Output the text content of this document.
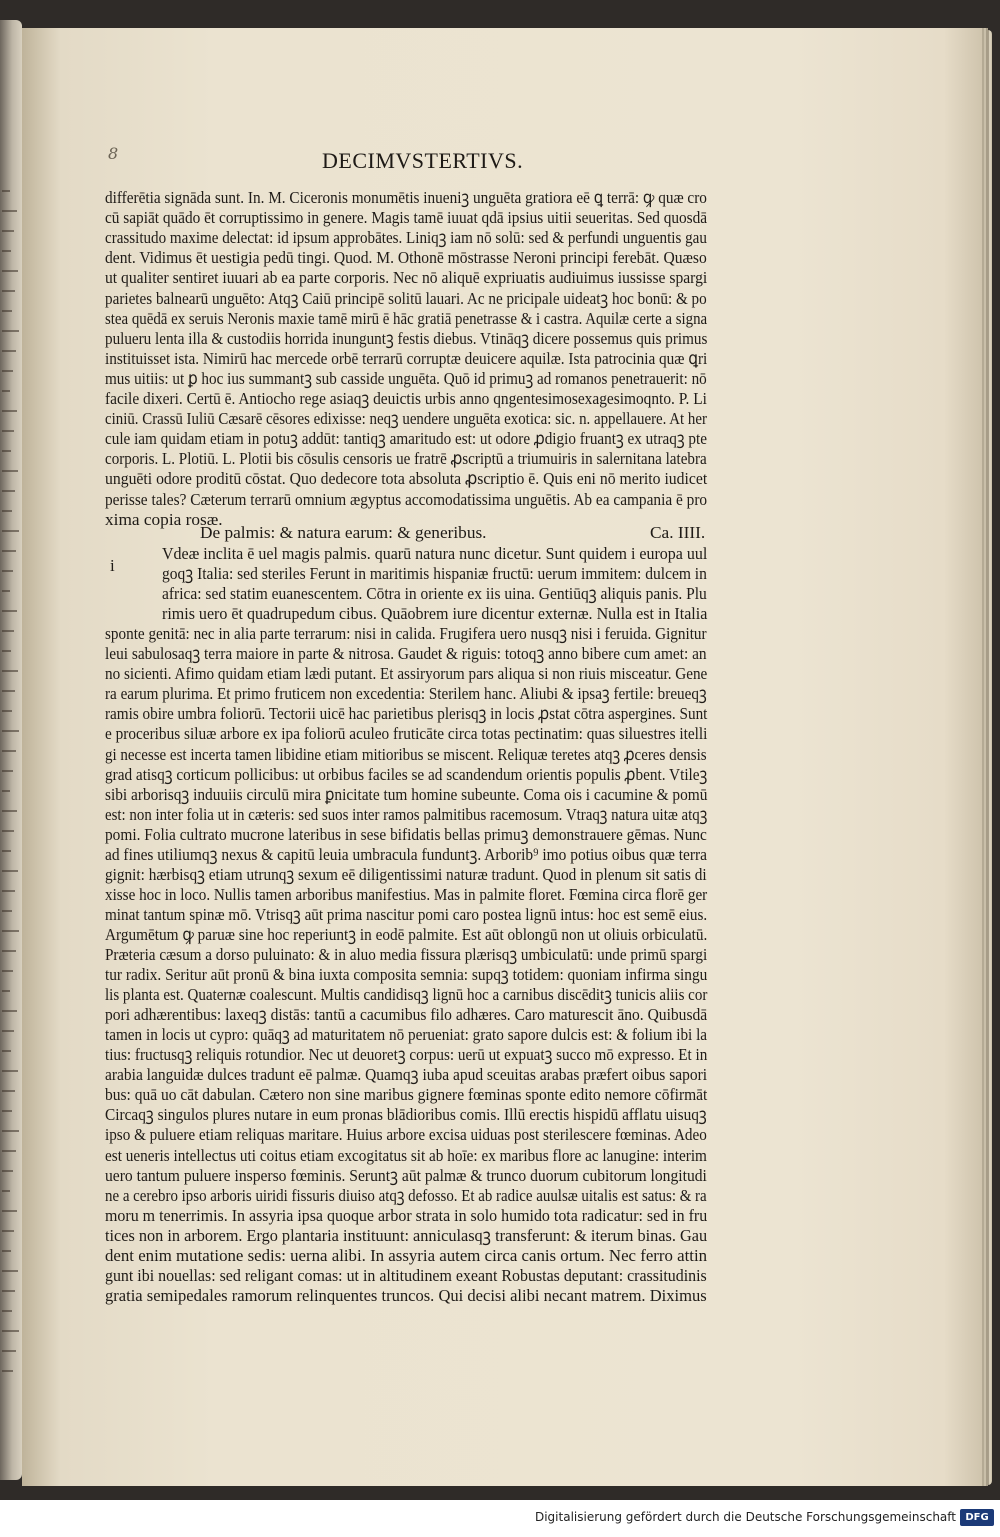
8	DECIMVSTERTIVS.
differētia signāda sunt. In. M. Ciceronis monumētis inueniꝫ unguēta gratiora eē ꝗ terrā: ꝙ quæ cro
cū sapiāt quādo ēt corruptissimo in genere. Magis tamē iuuat qdā ipsius uitii seueritas. Sed quosdā
crassitudo maxime delectat: id ipsum approbātes. Liniqꝫ iam nō solū: sed & perfundi unguentis gau
dent. Vidimus ēt uestigia pedū tingi. Quod. M. Othonē mōstrasse Neroni principi ferebāt. Quæso
ut qualiter sentiret iuuari ab ea parte corporis. Nec nō aliquē expriuatis audiuimus iussisse spargi
parietes balnearū unguēto: Atqꝫ Caiū principē solitū lauari. Ac ne pricipale uideatꝫ hoc bonū: & po
stea quēdā ex seruis Neronis maxie tamē mirū ē hāc gratiā penetrasse & i castra. Aquilæ certe a signa
pulueru lenta illa & custodiis horrida inunguntꝫ festis diebus. Vtināqꝫ dicere possemus quis primus
instituisset ista. Nimirū hac mercede orbē terrarū corruptæ deuicere aquilæ. Ista patrocinia quæ ꝗri
mus uitiis: ut ꝑ hoc ius summantꝫ sub casside unguēta. Quō id primuꝫ ad romanos penetrauerit: nō
facile dixeri. Certū ē. Antiocho rege asiaqꝫ deuictis urbis anno qngentesimosexagesimoqnto. P. Li
ciniū. Crassū Iuliū Cæsarē cēsores edixisse: neqꝫ uendere unguēta exotica: sic. n. appellauere. At her
cule iam quidam etiam in potuꝫ addūt: tantiqꝫ amaritudo est: ut odore ꝓdigio fruantꝫ ex utraqꝫ pte
corporis. L. Plotiū. L. Plotii bis cōsulis censoris ue fratrē ꝓscriptū a triumuiris in salernitana latebra
unguēti odore proditū cōstat. Quo dedecore tota absoluta ꝓscriptio ē. Quis eni nō merito iudicet
perisse tales? Cæterum terrarū omnium ægyptus accomodatissima unguētis. Ab ea campania ē pro
xima copia rosæ.
Vdeæ inclita ē uel magis palmis. quarū natura nunc dicetur. Sunt quidem i europa uul
goqꝫ Italia: sed steriles Ferunt in maritimis hispaniæ fructū: uerum immitem: dulcem in
africa: sed statim euanescentem. Cōtra in oriente ex iis uina. Gentiūqꝫ aliquis panis. Plu
rimis uero ēt quadrupedum cibus. Quāobrem iure dicentur externæ. Nulla est in Italia
sponte genitā: nec in alia parte terrarum: nisi in calida. Frugifera uero nusqꝫ nisi i feruida. Gignitur
leui sabulosaqꝫ terra maiore in parte & nitrosa. Gaudet & riguis: totoqꝫ anno bibere cum amet: an
no sicienti. Afimo quidam etiam lædi putant. Et assiryorum pars aliqua si non riuis misceatur. Gene
ra earum plurima. Et primo fruticem non excedentia: Sterilem hanc. Aliubi & ipsaꝫ fertile: breueqꝫ
ramis obire umbra foliorū. Tectorii uicē hac parietibus plerisqꝫ in locis ꝓstat cōtra aspergines. Sunt
e proceribus siluæ arbore ex ipa foliorū aculeo fruticāte circa totas pectinatim: quas siluestres itelli
gi necesse est incerta tamen libidine etiam mitioribus se miscent. Reliquæ teretes atqꝫ ꝓceres densis
grad atisqꝫ corticum pollicibus: ut orbibus faciles se ad scandendum orientis populis ꝓbent. Vtileꝫ
sibi arborisqꝫ induuiis circulū mira ꝑnicitate tum homine subeunte. Coma ois i cacumine & pomū
est: non inter folia ut in cæteris: sed suos inter ramos palmitibus racemosum. Vtraqꝫ natura uitæ atqꝫ
pomi. Folia cultrato mucrone lateribus in sese bifidatis bellas primuꝫ demonstrauere gēmas. Nunc
ad fines utiliumqꝫ nexus & capitū leuia umbracula funduntꝫ. Arborib⁹ imo potius oibus quæ terra
gignit: hærbisqꝫ etiam utrunqꝫ sexum eē diligentissimi naturæ tradunt. Quod in plenum sit satis di
xisse hoc in loco. Nullis tamen arboribus manifestius. Mas in palmite floret. Fœmina circa florē ger
minat tantum spinæ mō. Vtrisqꝫ aūt prima nascitur pomi caro postea lignū intus: hoc est semē eius.
Argumētum ꝙ paruæ sine hoc reperiuntꝫ in eodē palmite. Est aūt oblongū non ut oliuis orbiculatū.
Præteria cæsum a dorso puluinato: & in aluo media fissura plærisqꝫ umbiculatū: unde primū spargi
tur radix. Seritur aūt pronū & bina iuxta composita semnia: supqꝫ totidem: quoniam infirma singu
lis planta est. Quaternæ coalescunt. Multis candidisqꝫ lignū hoc a carnibus discēditꝫ tunicis aliis cor
pori adhærentibus: laxeqꝫ distās: tantū a cacumibus filo adhæres. Caro maturescit āno. Quibusdā
tamen in locis ut cypro: quāqꝫ ad maturitatem nō perueniat: grato sapore dulcis est: & folium ibi la
tius: fructusqꝫ reliquis rotundior. Nec ut deuoretꝫ corpus: uerū ut expuatꝫ succo mō expresso. Et in
arabia languidæ dulces tradunt eē palmæ. Quamqꝫ iuba apud sceuitas arabas præfert oibus sapori
bus: quā uo cāt dabulan. Cætero non sine maribus gignere fœminas sponte edito nemore cōfirmāt
Circaqꝫ singulos plures nutare in eum pronas blādioribus comis. Illū erectis hispidū afflatu uisuqꝫ
ipso & puluere etiam reliquas maritare. Huius arbore excisa uiduas post sterilescere fœminas. Adeo
est ueneris intellectus uti coitus etiam excogitatus sit ab hoīe: ex maribus flore ac lanugine: interim
uero tantum puluere insperso fœminis. Seruntꝫ aūt palmæ & trunco duorum cubitorum longitudi
ne a cerebro ipso arboris uiridi fissuris diuiso atqꝫ defosso. Et ab radice auulsæ uitalis est satus: & ra
moru m tenerrimis. In assyria ipsa quoque arbor strata in solo humido tota radicatur: sed in fru
tices non in arborem. Ergo plantaria instituunt: anniculasqꝫ transferunt: & iterum binas. Gau
dent enim mutatione sedis: uerna alibi. In assyria autem circa canis ortum. Nec ferro attin
gunt ibi nouellas: sed religant comas: ut in altitudinem exeant Robustas deputant: crassitudinis
gratia semipedales ramorum relinquentes truncos. Qui decisi alibi necant matrem. Diximus
De palmis: & natura earum: & generibus.	Ca. IIII.
i
Digitalisierung gefördert durch die Deutsche Forschungsgemeinschaft DFG
